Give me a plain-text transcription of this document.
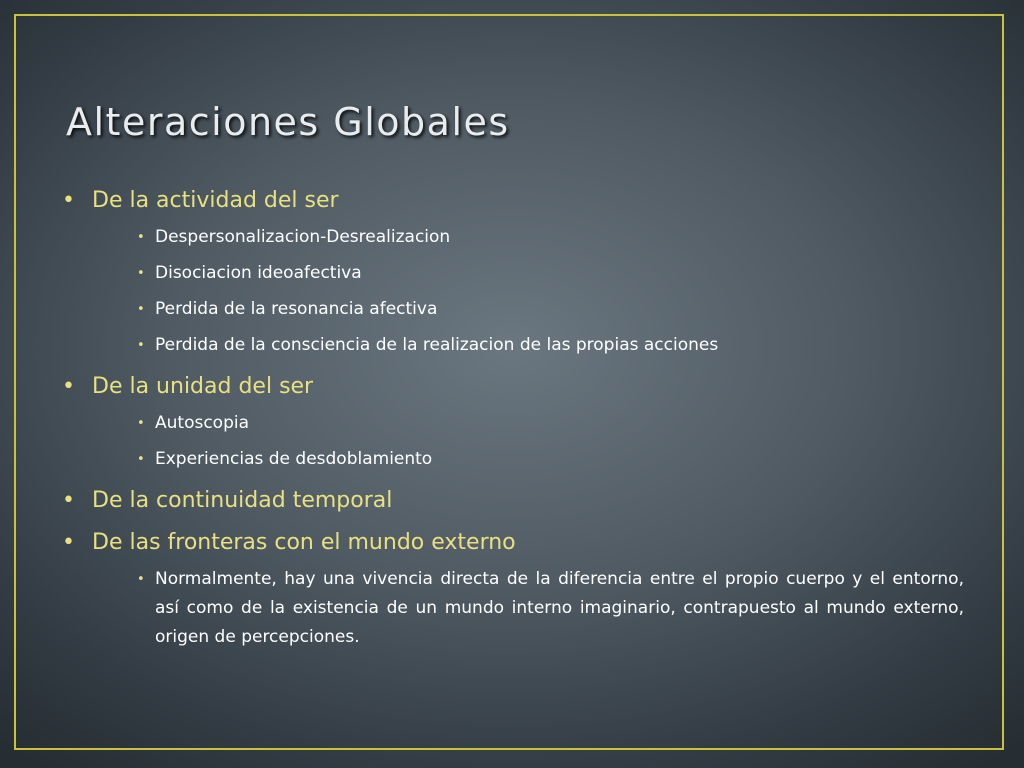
Alteraciones Globales
• De la actividad del ser
• Despersonalizacion-Desrealizacion
• Disociacion ideoafectiva
• Perdida de la resonancia afectiva
• Perdida de la consciencia de la realizacion de las propias acciones
• De la unidad del ser
• Autoscopia
• Experiencias de desdoblamiento
• De la continuidad temporal
• De las fronteras con el mundo externo
• Normalmente, hay una vivencia directa de la diferencia entre el propio cuerpo y el entorno, así como de la existencia de un mundo interno imaginario, contrapuesto al mundo externo, origen de percepciones.
